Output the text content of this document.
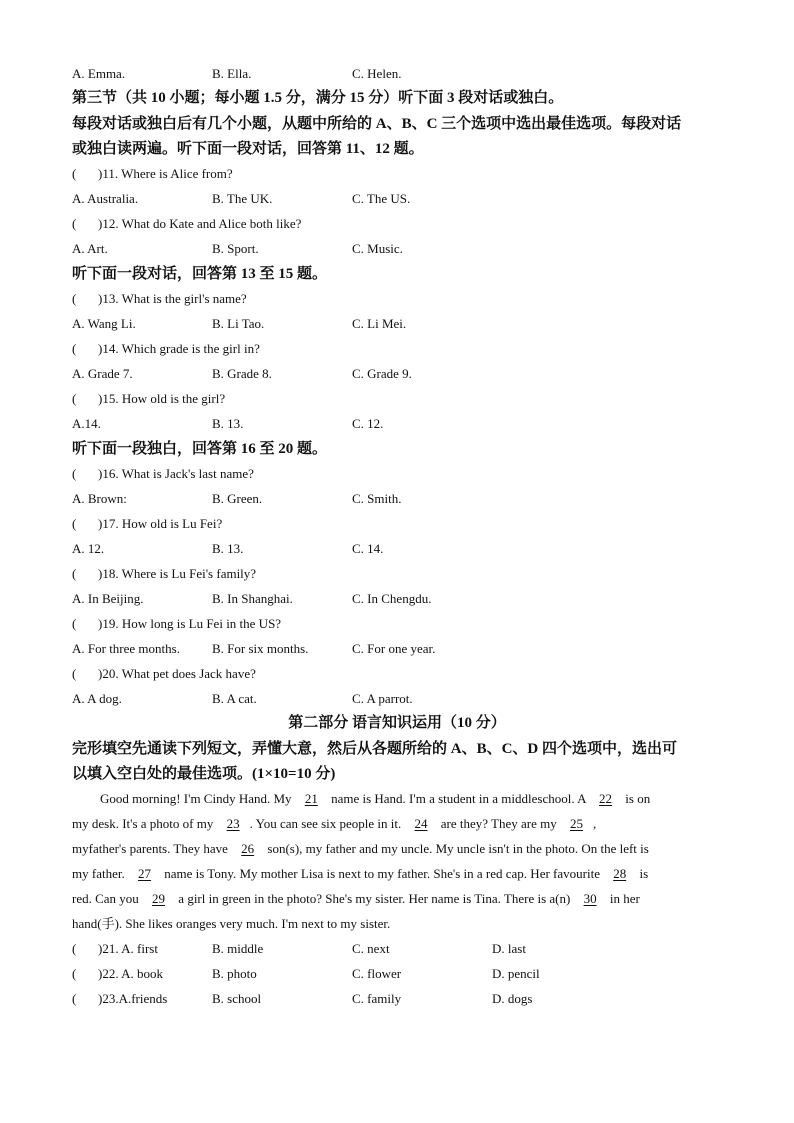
A. Emma.	B. Ella.	C. Helen.
第三节（共 10 小题；每小题 1.5 分，满分 15 分）听下面 3 段对话或独白。
每段对话或独白后有几个小题，从题中所给的 A、B、C 三个选项中选出最佳选项。每段对话
或独白读两遍。听下面一段对话，回答第 11、12 题。
( )11. Where is Alice from?
A. Australia.	B. The UK.	C. The US.
( )12. What do Kate and Alice both like?
A. Art.	B. Sport.	C. Music.
听下面一段对话，回答第 13 至 15 题。
( )13. What is the girl's name?
A. Wang Li.	B. Li Tao.	C. Li Mei.
( )14. Which grade is the girl in?
A. Grade 7.	B. Grade 8.	C. Grade 9.
( )15. How old is the girl?
A.14.	B. 13.	C. 12.
听下面一段独白，回答第 16 至 20 题。
( )16. What is Jack's last name?
A. Brown:	B. Green.	C. Smith.
( )17. How old is Lu Fei?
A. 12.	B. 13.	C. 14.
( )18. Where is Lu Fei's family?
A. In Beijing.	B. In Shanghai.	C. In Chengdu.
( )19. How long is Lu Fei in the US?
A. For three months. B. For six months.	C. For one year.
( )20. What pet does Jack have?
A. A dog.	B. A cat.	C. A parrot.
第二部分 语言知识运用（10 分）
完形填空先通读下列短文，弄懂大意，然后从各题所给的 A、B、C、D 四个选项中，选出可
以填入空白处的最佳选项。(1×10=10 分)

Good morning! I'm Cindy Hand. My 21 name is Hand. I'm a student in a middleschool. A 22 is on

my desk. It's a photo of my 23 . You can see six people in it. 24 are they? They are my 25 ,

myfather's parents. They have 26 son(s), my father and my uncle. My uncle isn't in the photo. On the left is

my father. 27 name is Tony. My mother Lisa is next to my father. She's in a red cap. Her favourite 28 is

red. Can you 29 a girl in green in the photo? She's my sister. Her name is Tina. There is a(n) 30 in her

hand(手). She likes oranges very much. I'm next to my sister.

( )21. A. first	B. middle	C. next	D. last
( )22. A. book	B. photo	C. flower	D. pencil
( )23.A.friends	B. school	C. family	D. dogs
